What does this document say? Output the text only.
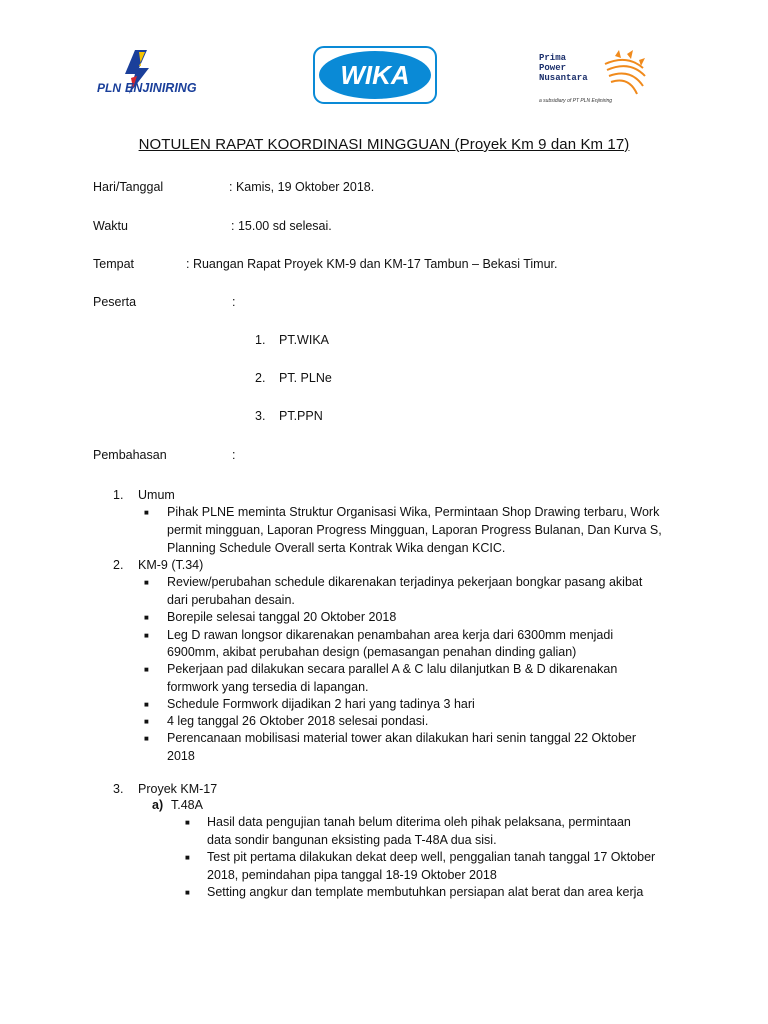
PLN ENJINIRING	WIKA
Prima
Power
Nusantara
a subsidiary of PT PLN Enjiniring
NOTULEN RAPAT KOORDINASI MINGGUAN (Proyek Km 9 dan Km 17)
Hari/Tanggal	: Kamis, 19 Oktober 2018.
Waktu	: 15.00 sd selesai.
Tempat	: Ruangan Rapat Proyek KM-9 dan KM-17 Tambun – Bekasi Timur.
Peserta	:
1. PT.WIKA
2. PT. PLNe
3. PT.PPN
Pembahasan	:
1. Umum
■ Pihak PLNE meminta Struktur Organisasi Wika, Permintaan Shop Drawing terbaru, Work
permit mingguan, Laporan Progress Mingguan, Laporan Progress Bulanan, Dan Kurva S,
Planning Schedule Overall serta Kontrak Wika dengan KCIC.
2. KM-9 (T.34)
■ Review/perubahan schedule dikarenakan terjadinya pekerjaan bongkar pasang akibat
dari perubahan desain.
■ Borepile selesai tanggal 20 Oktober 2018
■ Leg D rawan longsor dikarenakan penambahan area kerja dari 6300mm menjadi
6900mm, akibat perubahan design (pemasangan penahan dinding galian)
■ Pekerjaan pad dilakukan secara parallel A & C lalu dilanjutkan B & D dikarenakan
formwork yang tersedia di lapangan.
■ Schedule Formwork dijadikan 2 hari yang tadinya 3 hari
■ 4 leg tanggal 26 Oktober 2018 selesai pondasi.
■ Perencanaan mobilisasi material tower akan dilakukan hari senin tanggal 22 Oktober
2018
3. Proyek KM-17
a) T.48A
■ Hasil data pengujian tanah belum diterima oleh pihak pelaksana, permintaan
data sondir bangunan eksisting pada T-48A dua sisi.
■ Test pit pertama dilakukan dekat deep well, penggalian tanah tanggal 17 Oktober
2018, pemindahan pipa tanggal 18-19 Oktober 2018
■ Setting angkur dan template membutuhkan persiapan alat berat dan area kerja
